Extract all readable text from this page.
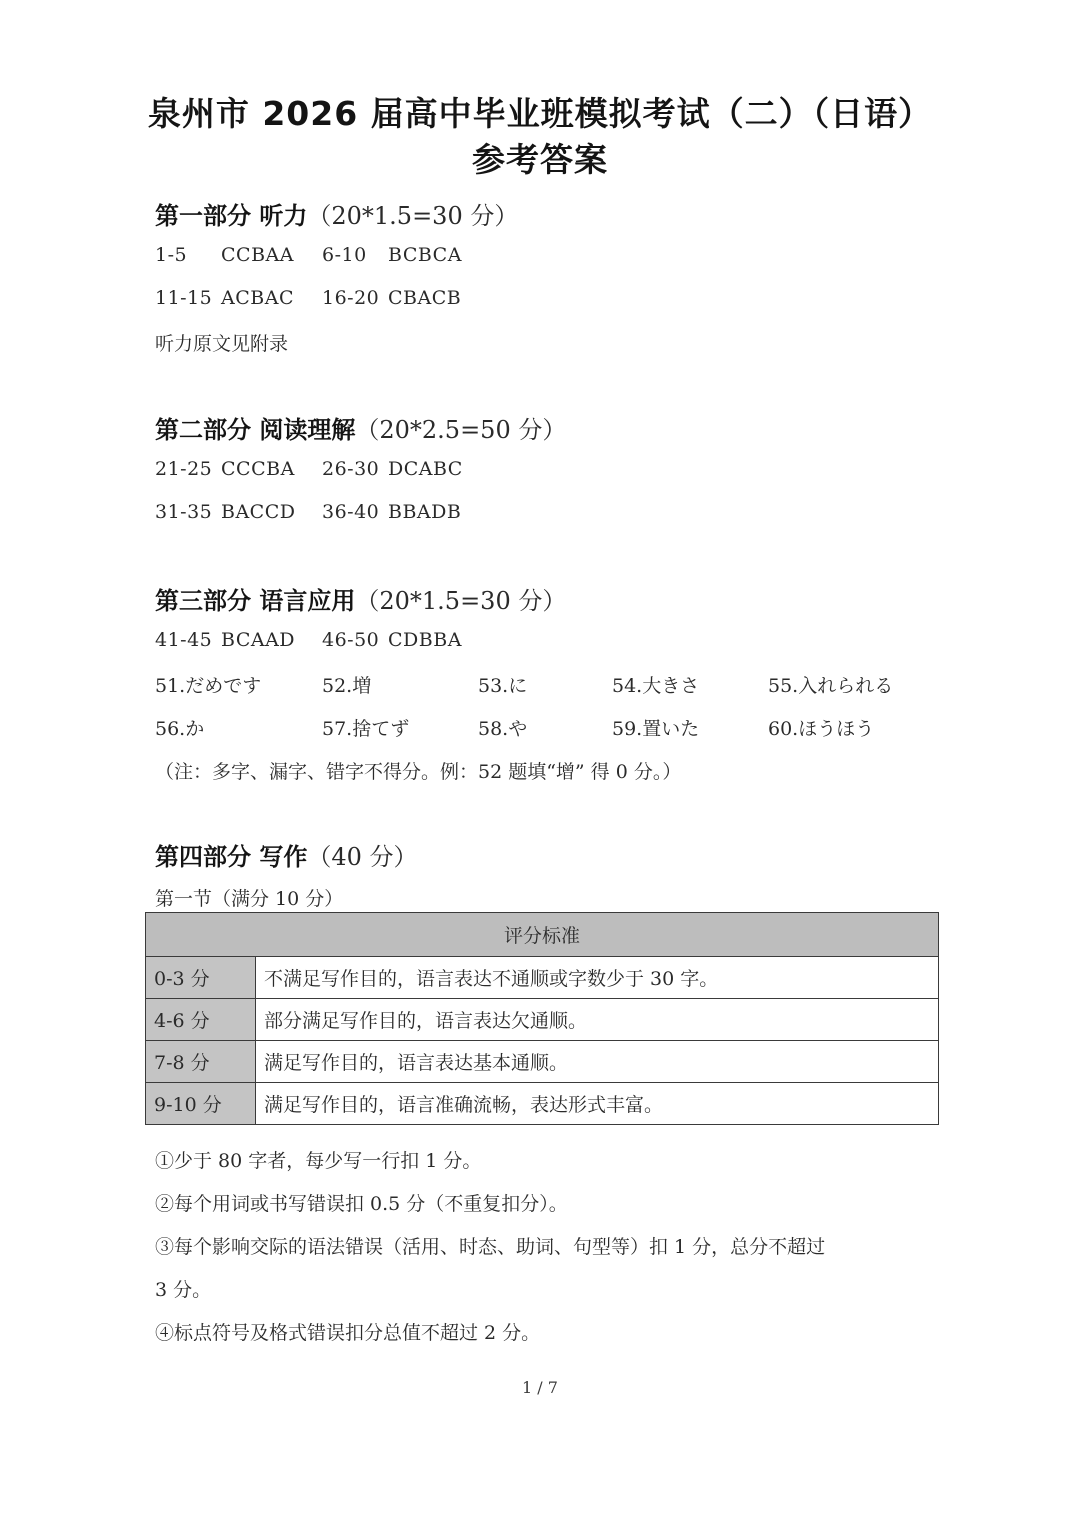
泉州市 2026 届高中毕业班模拟考试（二）（日语）
参考答案
第一部分 听力（20*1.5=30 分）
1-5 CCBAA 6-10 BCBCA
11-15 ACBAC 16-20 CBACB
听力原文见附录
第二部分 阅读理解（20*2.5=50 分）
21-25 CCCBA 26-30 DCABC
31-35 BACCD 36-40 BBADB
第三部分 语言应用（20*1.5=30 分）
41-45 BCAAD 46-50 CDBBA
51.だめです	52.増	53.に	54.大きさ	55.入れられる
56.か	57.捨てず	58.や	59.置いた	60.ほうほう
（注：多字、漏字、错字不得分。例：52 题填“增” 得 0 分。）
第四部分 写作（40 分）
第一节（满分 10 分）
评分标准	
0-3 分	不满足写作目的，语言表达不通顺或字数少于 30 字。
4-6 分	部分满足写作目的，语言表达欠通顺。
7-8 分	满足写作目的，语言表达基本通顺。
9-10 分	满足写作目的，语言准确流畅，表达形式丰富。
①少于 80 字者，每少写一行扣 1 分。
②每个用词或书写错误扣 0.5 分（不重复扣分）。
③每个影响交际的语法错误（活用、时态、助词、句型等）扣 1 分，总分不超过
3 分。
④标点符号及格式错误扣分总值不超过 2 分。
1 / 7
